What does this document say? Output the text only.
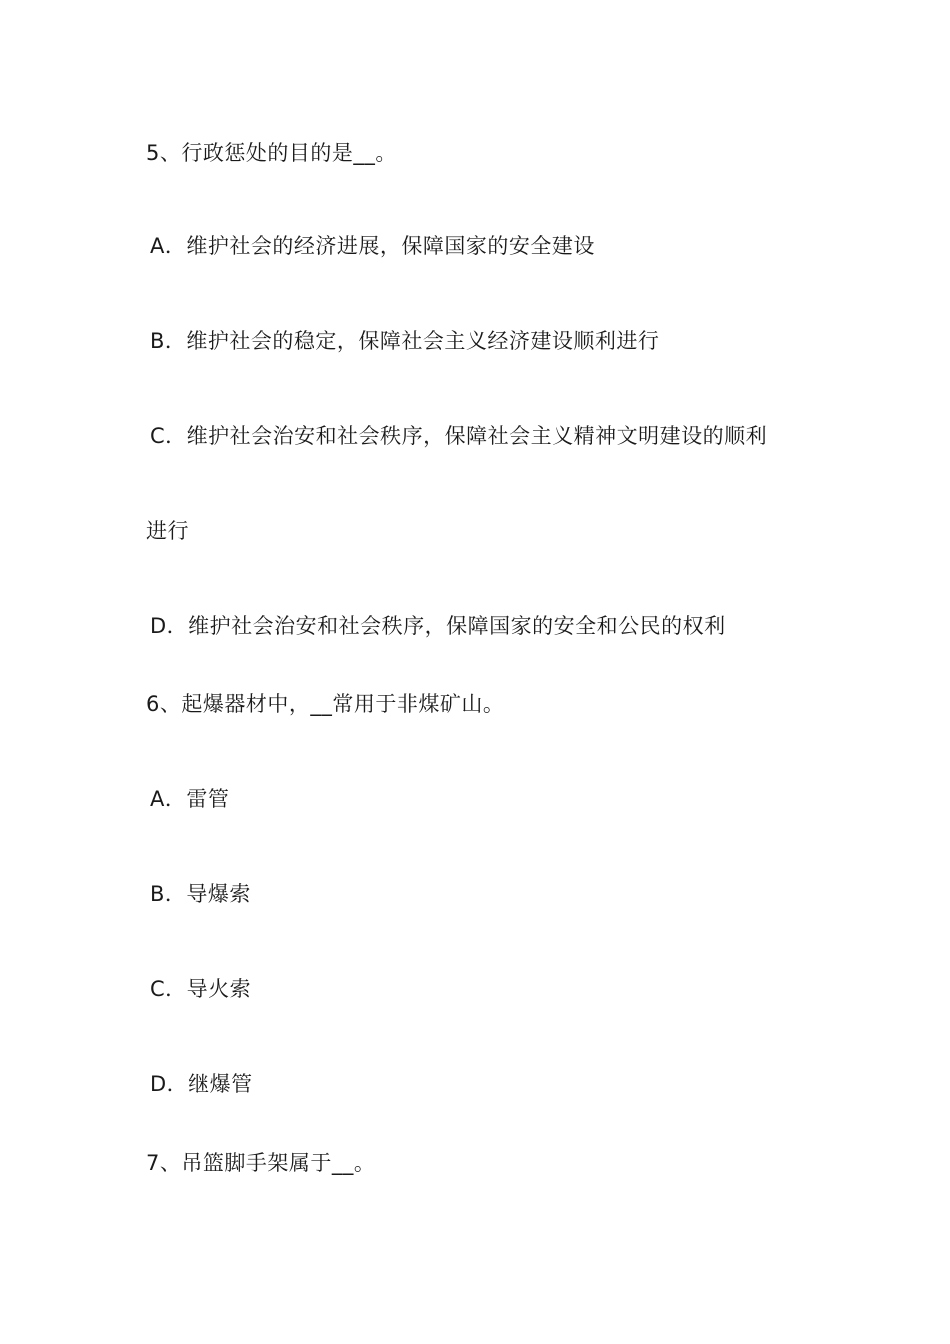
5、行政惩处的目的是__。
A．维护社会的经济进展，保障国家的安全建设
B．维护社会的稳定，保障社会主义经济建设顺利进行
C．维护社会治安和社会秩序，保障社会主义精神文明建设的顺利
进行
D．维护社会治安和社会秩序，保障国家的安全和公民的权利
6、起爆器材中，__常用于非煤矿山。
A．雷管
B．导爆索
C．导火索
D．继爆管
7、吊篮脚手架属于__。
